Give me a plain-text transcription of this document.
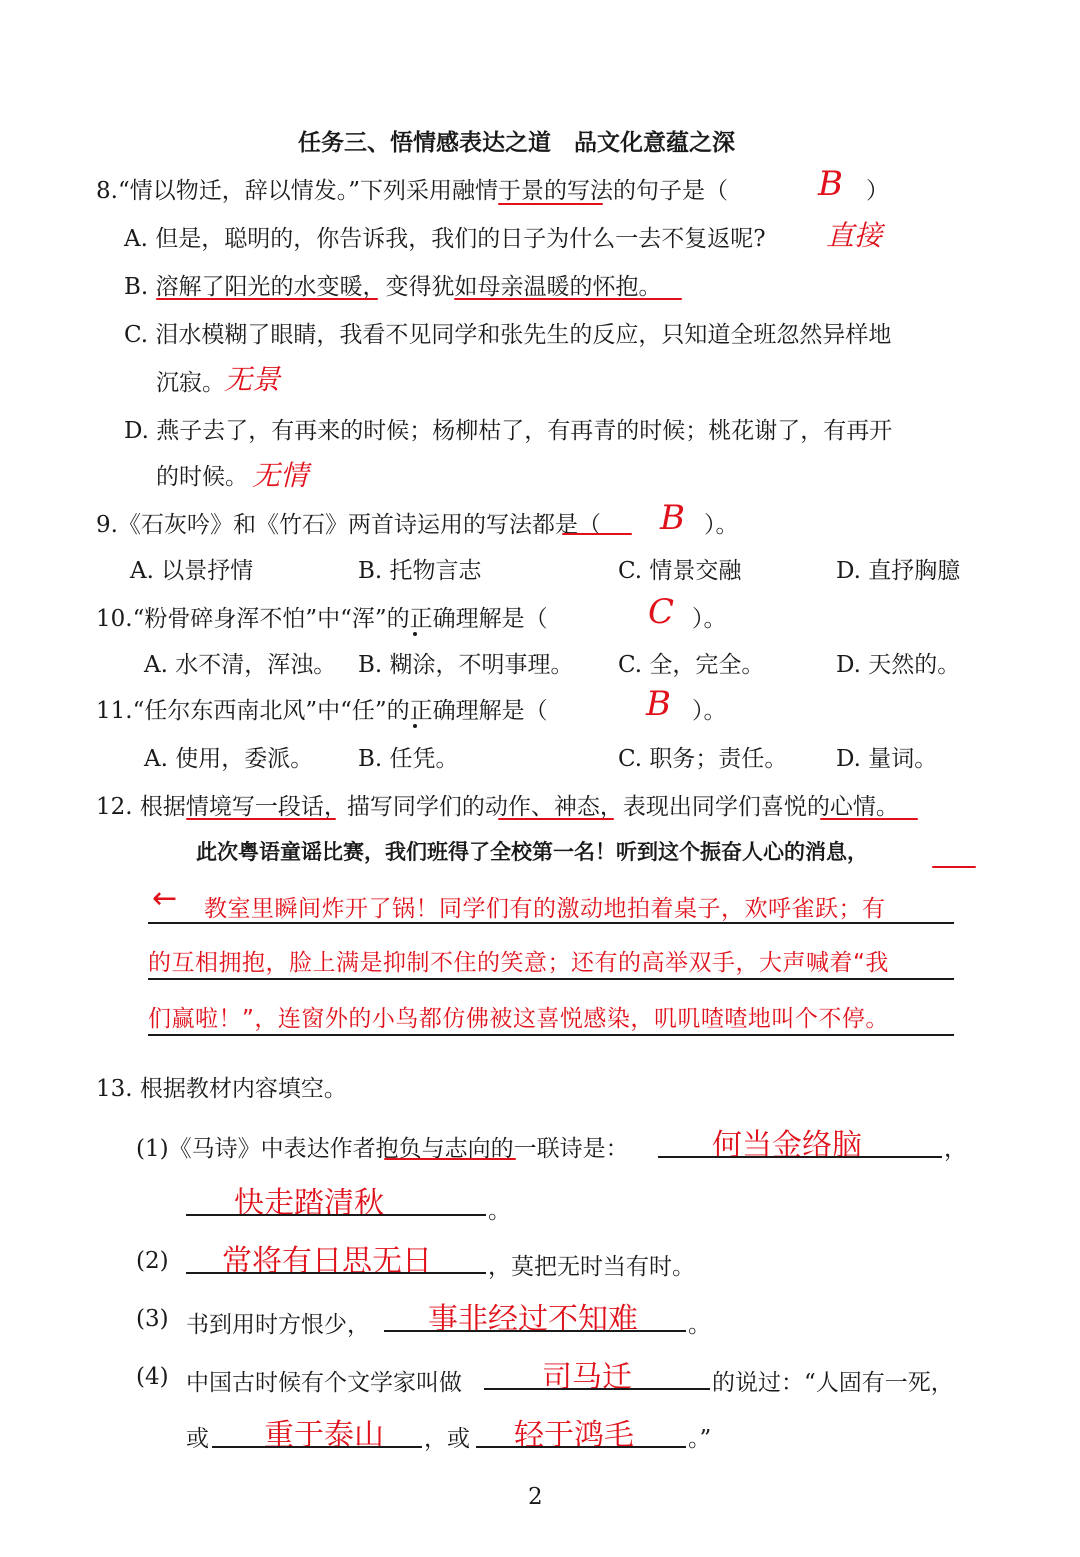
任务三、悟情感表达之道　品文化意蕴之深
8.“情以物迁，辞以情发。”下列采用融情于景的写法的句子是（	B ）
A. 但是，聪明的，你告诉我，我们的日子为什么一去不复返呢? 直接
B. 溶解了阳光的水变暖，变得犹如母亲温暖的怀抱。
C. 泪水模糊了眼睛，我看不见同学和张先生的反应，只知道全班忽然异样地
沉寂。 无景
D. 燕子去了，有再来的时候；杨柳枯了，有再青的时候；桃花谢了，有再开
的时候。 无情
9.《石灰吟》和《竹石》两首诗运用的写法都是（ B ）。
A. 以景抒情	B. 托物言志	C. 情景交融	D. 直抒胸臆
10.“粉骨碎身浑不怕”中“浑”的正确理解是（	C ）。
A. 水不清，浑浊。 B. 糊涂，不明事理。 C. 全，完全。	D. 天然的。
11.“任尔东西南北风”中“任”的正确理解是（	B ）。
A. 使用，委派。 B. 任凭。	C. 职务；责任。 D. 量词。
12. 根据情境写一段话，描写同学们的动作、神态，表现出同学们喜悦的心情。
此次粤语童谣比赛，我们班得了全校第一名！听到这个振奋人心的消息，
← 教室里瞬间炸开了锅！同学们有的激动地拍着桌子，欢呼雀跃；有
的互相拥抱，脸上满是抑制不住的笑意；还有的高举双手，大声喊着“我
们赢啦！”，连窗外的小鸟都仿佛被这喜悦感染，叽叽喳喳地叫个不停。
13. 根据教材内容填空。
(1)《马诗》中表达作者抱负与志向的一联诗是：	何当金络脑	，
快走踏清秋	。
(2) 常将有日思无日 ，莫把无时当有时。
(3) 书到用时方恨少， 事非经过不知难 。
(4) 中国古时候有个文学家叫做	司马迁	的说过：“人固有一死，
或 重于泰山 ，或 轻于鸿毛 。”
2
